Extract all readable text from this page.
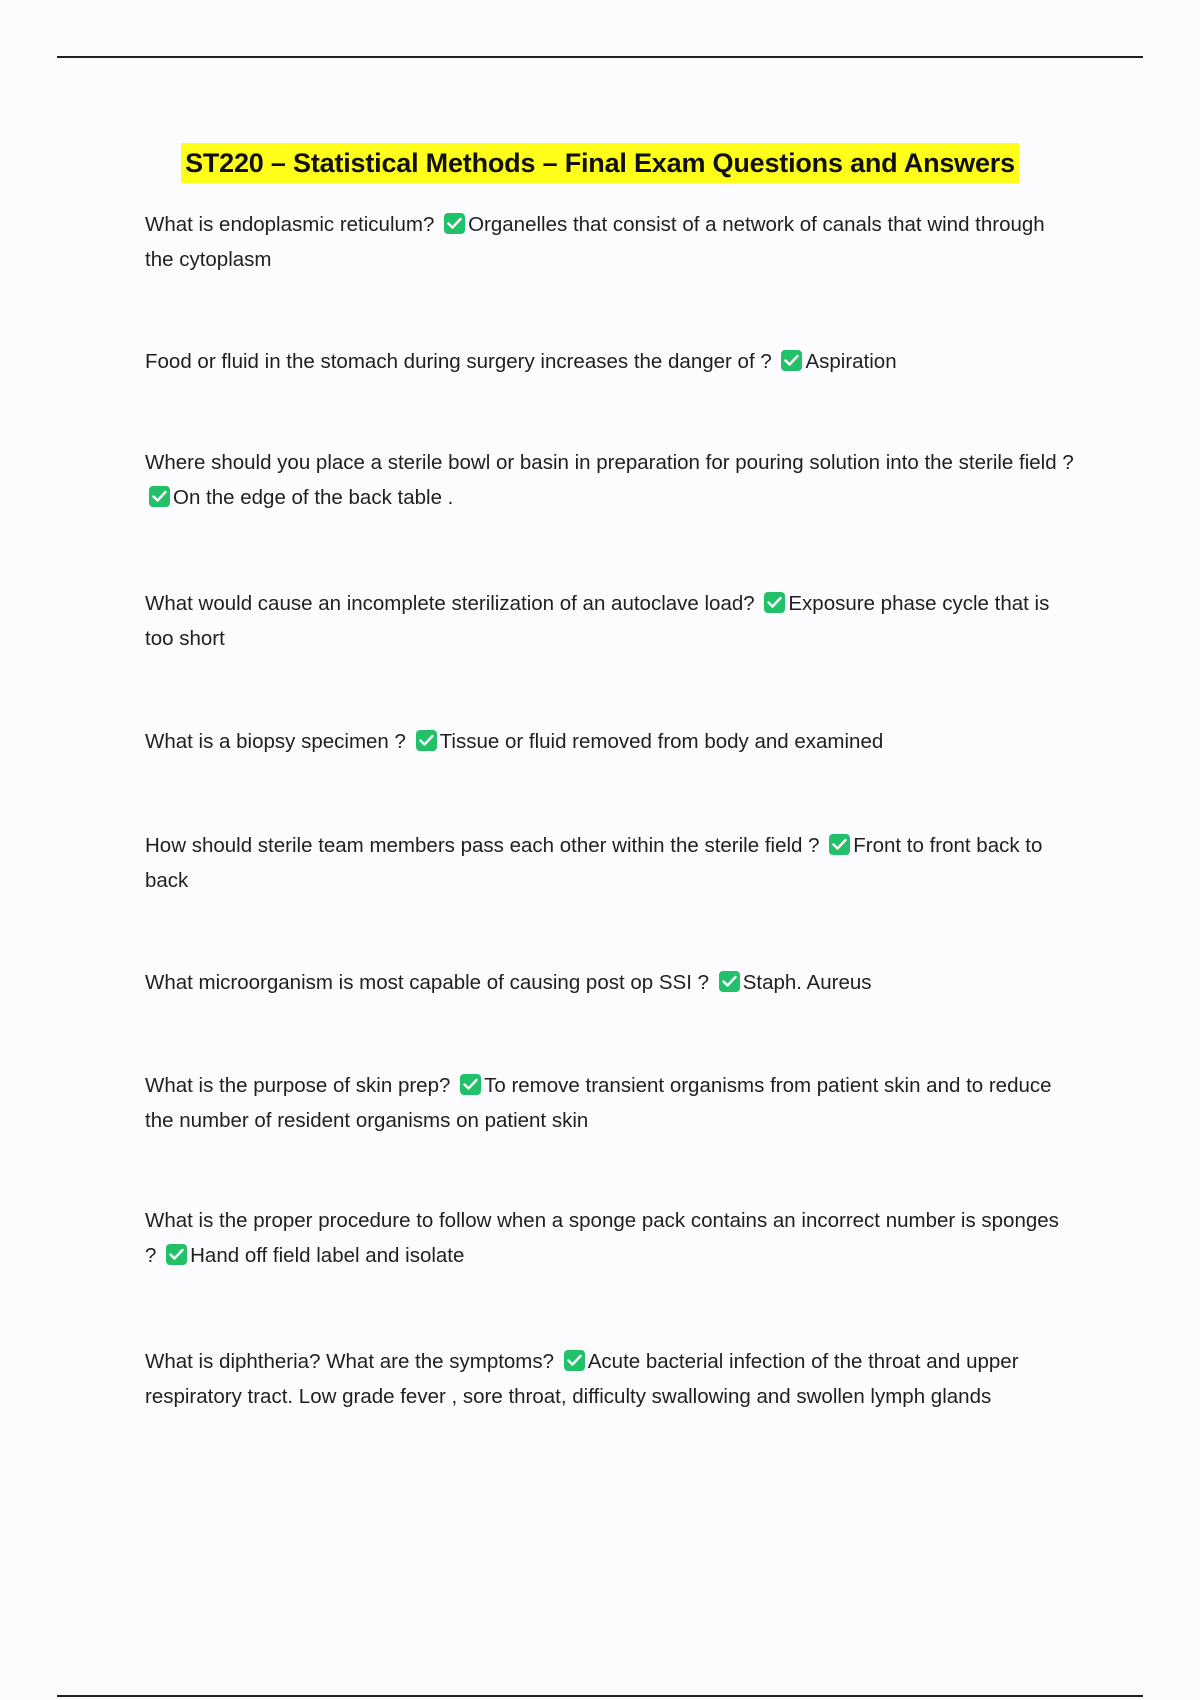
ST220 – Statistical Methods – Final Exam Questions and Answers
What is endoplasmic reticulum? Organelles that consist of a network of canals that wind through the cytoplasm
Food or fluid in the stomach during surgery increases the danger of ? Aspiration
Where should you place a sterile bowl or basin in preparation for pouring solution into the sterile field ?
On the edge of the back table .
What would cause an incomplete sterilization of an autoclave load? Exposure phase cycle that is too short
What is a biopsy specimen ? Tissue or fluid removed from body and examined
How should sterile team members pass each other within the sterile field ? Front to front back to back
What microorganism is most capable of causing post op SSI ? Staph. Aureus
What is the purpose of skin prep? To remove transient organisms from patient skin and to reduce the number of resident organisms on patient skin
What is the proper procedure to follow when a sponge pack contains an incorrect number is sponges ? Hand off field label and isolate
What is diphtheria? What are the symptoms? Acute bacterial infection of the throat and upper respiratory tract. Low grade fever , sore throat, difficulty swallowing and swollen lymph glands
